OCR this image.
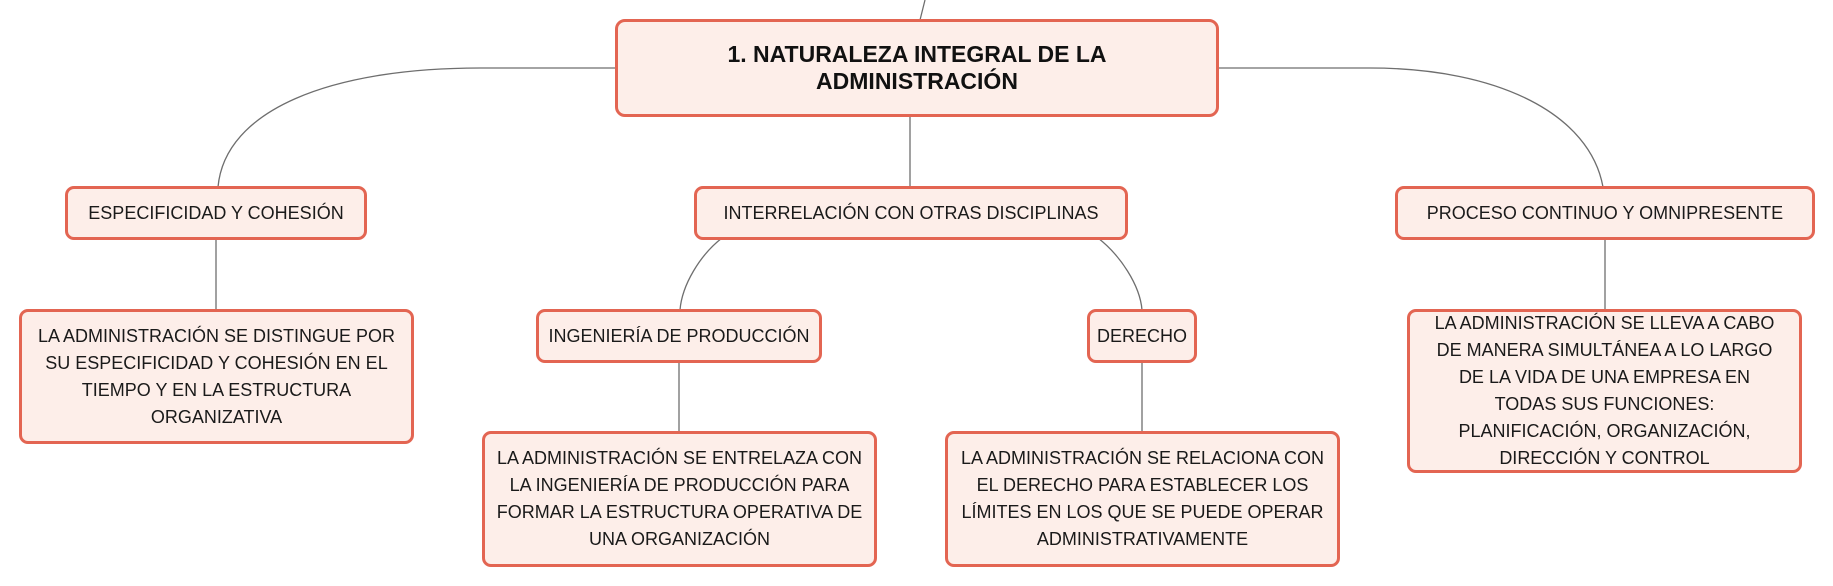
1. NATURALEZA INTEGRAL DE LA ADMINISTRACIÓN
ESPECIFICIDAD Y COHESIÓN	INTERRELACIÓN CON OTRAS DISCIPLINAS	PROCESO CONTINUO Y OMNIPRESENTE
LA ADMINISTRACIÓN SE DISTINGUE POR SU ESPECIFICIDAD Y COHESIÓN EN EL TIEMPO Y EN LA ESTRUCTURA ORGANIZATIVA
INGENIERÍA DE PRODUCCIÓN	DERECHO
LA ADMINISTRACIÓN SE LLEVA A CABO DE MANERA SIMULTÁNEA A LO LARGO DE LA VIDA DE UNA EMPRESA EN TODAS SUS FUNCIONES: PLANIFICACIÓN, ORGANIZACIÓN, DIRECCIÓN Y CONTROL
LA ADMINISTRACIÓN SE ENTRELAZA CON LA INGENIERÍA DE PRODUCCIÓN PARA FORMAR LA ESTRUCTURA OPERATIVA DE UNA ORGANIZACIÓN
LA ADMINISTRACIÓN SE RELACIONA CON EL DERECHO PARA ESTABLECER LOS LÍMITES EN LOS QUE SE PUEDE OPERAR ADMINISTRATIVAMENTE
